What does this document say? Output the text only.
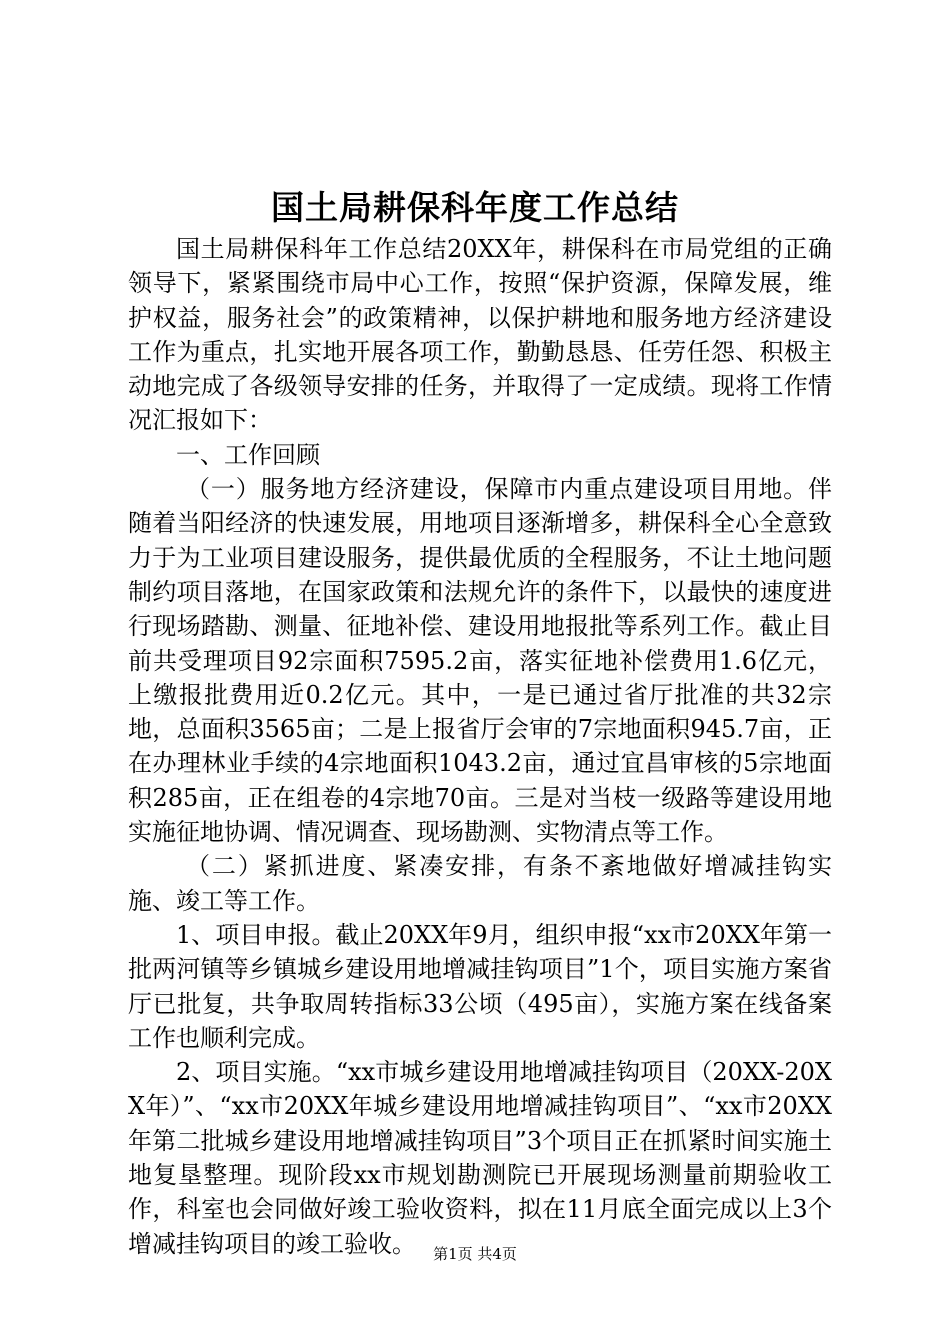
国土局耕保科年度工作总结

国土局耕保科年工作总结20XX年，耕保科在市局党组的正确领导下，紧紧围绕市局中心工作，按照“保护资源，保障发展，维护权益，服务社会”的政策精神，以保护耕地和服务地方经济建设工作为重点，扎实地开展各项工作，勤勤恳恳、任劳任怨、积极主动地完成了各级领导安排的任务，并取得了一定成绩。现将工作情况汇报如下：

一、工作回顾

（一）服务地方经济建设，保障市内重点建设项目用地。伴随着当阳经济的快速发展，用地项目逐渐增多，耕保科全心全意致力于为工业项目建设服务，提供最优质的全程服务，不让土地问题制约项目落地，在国家政策和法规允许的条件下，以最快的速度进行现场踏勘、测量、征地补偿、建设用地报批等系列工作。截止目前共受理项目92宗面积7595.2亩，落实征地补偿费用1.6亿元，上缴报批费用近0.2亿元。其中，一是已通过省厅批准的共32宗地，总面积3565亩；二是上报省厅会审的7宗地面积945.7亩，正在办理林业手续的4宗地面积1043.2亩，通过宜昌审核的5宗地面积285亩，正在组卷的4宗地70亩。三是对当枝一级路等建设用地实施征地协调、情况调查、现场勘测、实物清点等工作。

（二）紧抓进度、紧凑安排，有条不紊地做好增减挂钩实施、竣工等工作。

1、项目申报。截止20XX年9月，组织申报“xx市20XX年第一批两河镇等乡镇城乡建设用地增减挂钩项目”1个，项目实施方案省厅已批复，共争取周转指标33公顷（495亩），实施方案在线备案工作也顺利完成。

2、项目实施。“xx市城乡建设用地增减挂钩项目（20XX-20XX年）”、“xx市20XX年城乡建设用地增减挂钩项目”、“xx市20XX年第二批城乡建设用地增减挂钩项目”3个项目正在抓紧时间实施土地复垦整理。现阶段xx市规划勘测院已开展现场测量前期验收工作，科室也会同做好竣工验收资料，拟在11月底全面完成以上3个增减挂钩项目的竣工验收。	第1页 共4页
